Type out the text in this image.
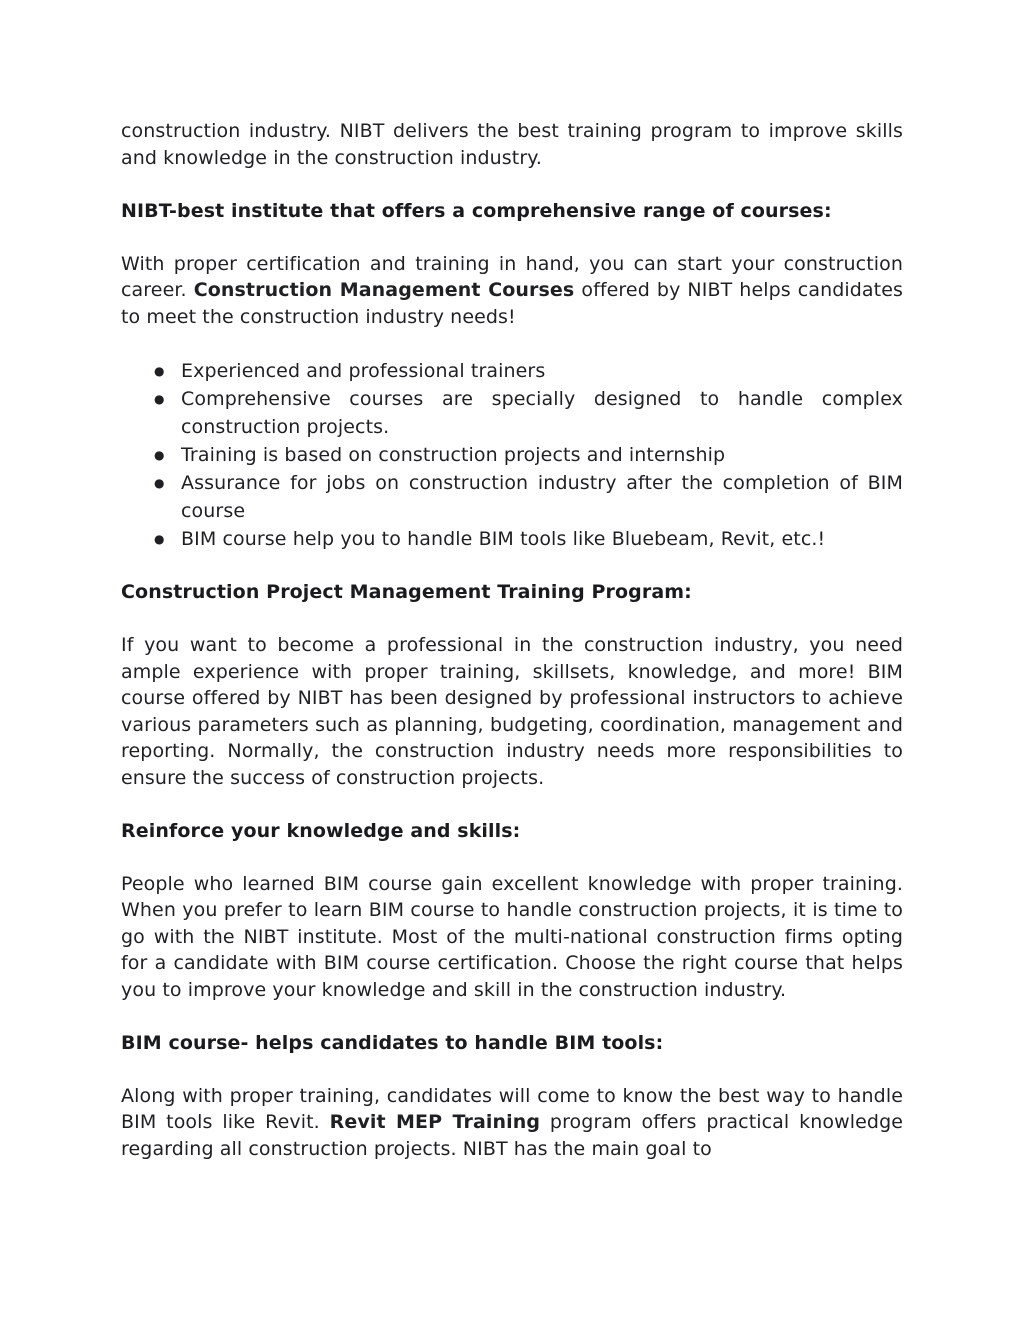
construction industry. NIBT delivers the best training program to improve skills and knowledge in the construction industry.

NIBT-best institute that offers a comprehensive range of courses:

With proper certification and training in hand, you can start your construction career. Construction Management Courses offered by NIBT helps candidates to meet the construction industry needs!

● Experienced and professional trainers
● Comprehensive courses are specially designed to handle complex construction projects.
● Training is based on construction projects and internship
● Assurance for jobs on construction industry after the completion of BIM course
● BIM course help you to handle BIM tools like Bluebeam, Revit, etc.!
Construction Project Management Training Program:

If you want to become a professional in the construction industry, you need ample experience with proper training, skillsets, knowledge, and more! BIM course offered by NIBT has been designed by professional instructors to achieve various parameters such as planning, budgeting, coordination, management and reporting. Normally, the construction industry needs more responsibilities to ensure the success of construction projects.

Reinforce your knowledge and skills:

People who learned BIM course gain excellent knowledge with proper training. When you prefer to learn BIM course to handle construction projects, it is time to go with the NIBT institute. Most of the multi-national construction firms opting for a candidate with BIM course certification. Choose the right course that helps you to improve your knowledge and skill in the construction industry.

BIM course- helps candidates to handle BIM tools:

Along with proper training, candidates will come to know the best way to handle BIM tools like Revit. Revit MEP Training program offers practical knowledge regarding all construction projects. NIBT has the main goal to
